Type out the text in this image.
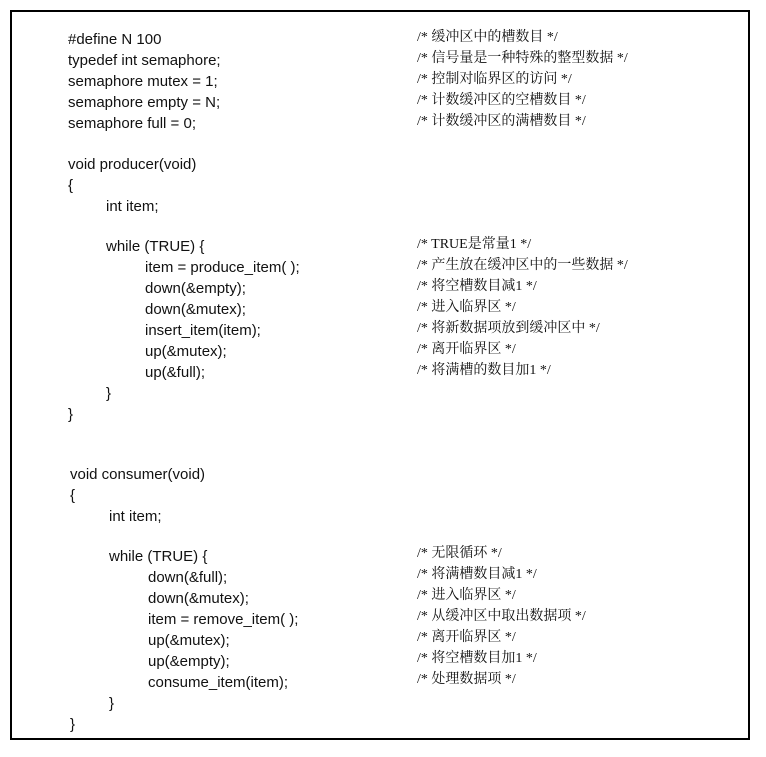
#define N 100	/* 缓冲区中的槽数目 */
typedef int semaphore;	/* 信号量是一种特殊的整型数据 */
semaphore mutex = 1;	/* 控制对临界区的访问 */
semaphore empty = N;	/* 计数缓冲区的空槽数目 */
semaphore full = 0;	/* 计数缓冲区的满槽数目 */
void producer(void)
{
int item;
while (TRUE) {	/* TRUE是常量1 */
item = produce_item( );	/* 产生放在缓冲区中的一些数据 */
down(&empty);	/* 将空槽数目减1 */
down(&mutex);	/* 进入临界区 */
insert_item(item);	/* 将新数据项放到缓冲区中 */
up(&mutex);	/* 离开临界区 */
up(&full);	/* 将满槽的数目加1 */
}
}
void consumer(void)
{
int item;
while (TRUE) {	/* 无限循环 */
down(&full);	/* 将满槽数目减1 */
down(&mutex);	/* 进入临界区 */
item = remove_item( );	/* 从缓冲区中取出数据项 */
up(&mutex);	/* 离开临界区 */
up(&empty);	/* 将空槽数目加1 */
consume_item(item);	/* 处理数据项 */
}
}
